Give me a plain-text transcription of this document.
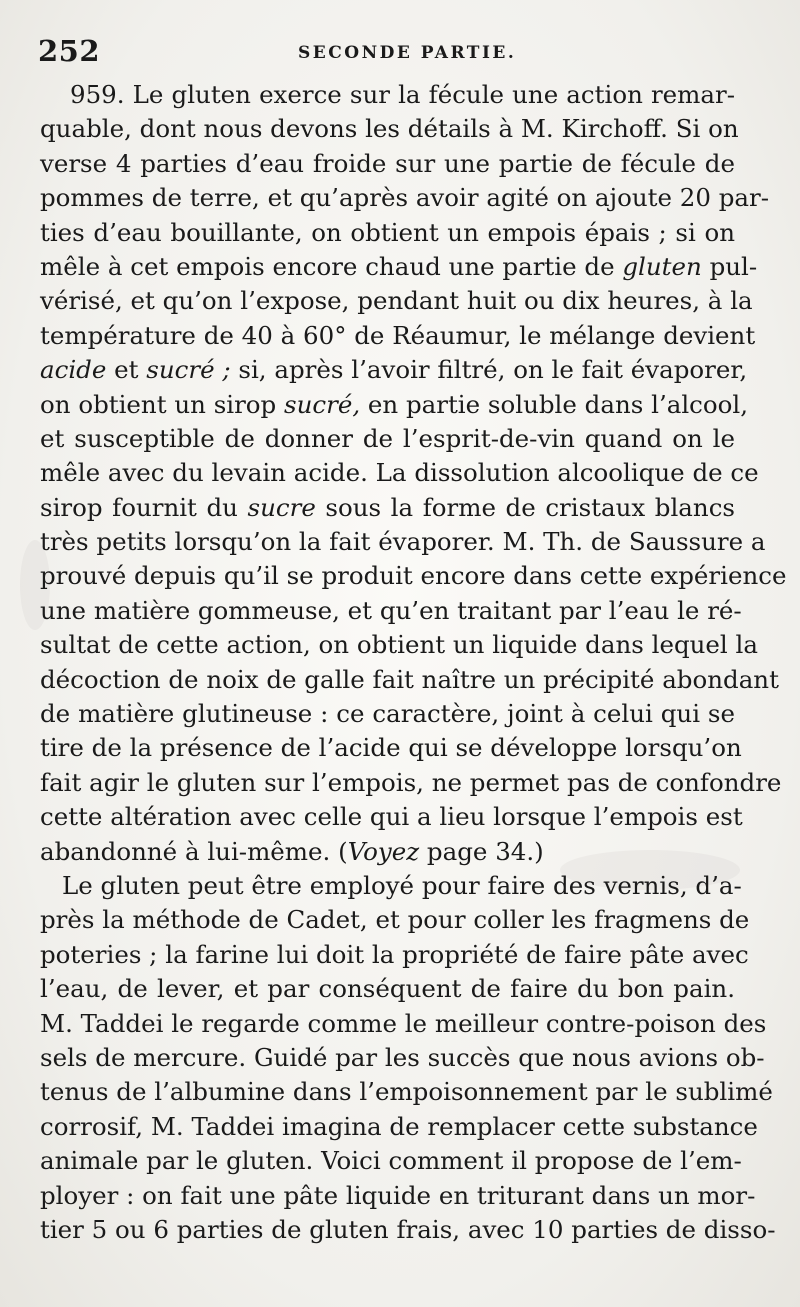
252	SECONDE PARTIE.
959. Le gluten exerce sur la fécule une action remar-
quable, dont nous devons les détails à M. Kirchoff. Si on
verse 4 parties d’eau froide sur une partie de fécule de
pommes de terre, et qu’après avoir agité on ajoute 20 par-
ties d’eau bouillante, on obtient un empois épais ; si on
mêle à cet empois encore chaud une partie de gluten pul-
vérisé, et qu’on l’expose, pendant huit ou dix heures, à la
température de 40 à 60° de Réaumur, le mélange devient
acide et sucré ; si, après l’avoir filtré, on le fait évaporer,
on obtient un sirop sucré, en partie soluble dans l’alcool,
et susceptible de donner de l’esprit-de-vin quand on le
mêle avec du levain acide. La dissolution alcoolique de ce
sirop fournit du sucre sous la forme de cristaux blancs
très petits lorsqu’on la fait évaporer. M. Th. de Saussure a
prouvé depuis qu’il se produit encore dans cette expérience
une matière gommeuse, et qu’en traitant par l’eau le ré-
sultat de cette action, on obtient un liquide dans lequel la
décoction de noix de galle fait naître un précipité abondant
de matière glutineuse : ce caractère, joint à celui qui se
tire de la présence de l’acide qui se développe lorsqu’on
fait agir le gluten sur l’empois, ne permet pas de confondre
cette altération avec celle qui a lieu lorsque l’empois est
abandonné à lui-même. (Voyez page 34.)
Le gluten peut être employé pour faire des vernis, d’a-
près la méthode de Cadet, et pour coller les fragmens de
poteries ; la farine lui doit la propriété de faire pâte avec
l’eau, de lever, et par conséquent de faire du bon pain.
M. Taddei le regarde comme le meilleur contre-poison des
sels de mercure. Guidé par les succès que nous avions ob-
tenus de l’albumine dans l’empoisonnement par le sublimé
corrosif, M. Taddei imagina de remplacer cette substance
animale par le gluten. Voici comment il propose de l’em-
ployer : on fait une pâte liquide en triturant dans un mor-
tier 5 ou 6 parties de gluten frais, avec 10 parties de disso-
